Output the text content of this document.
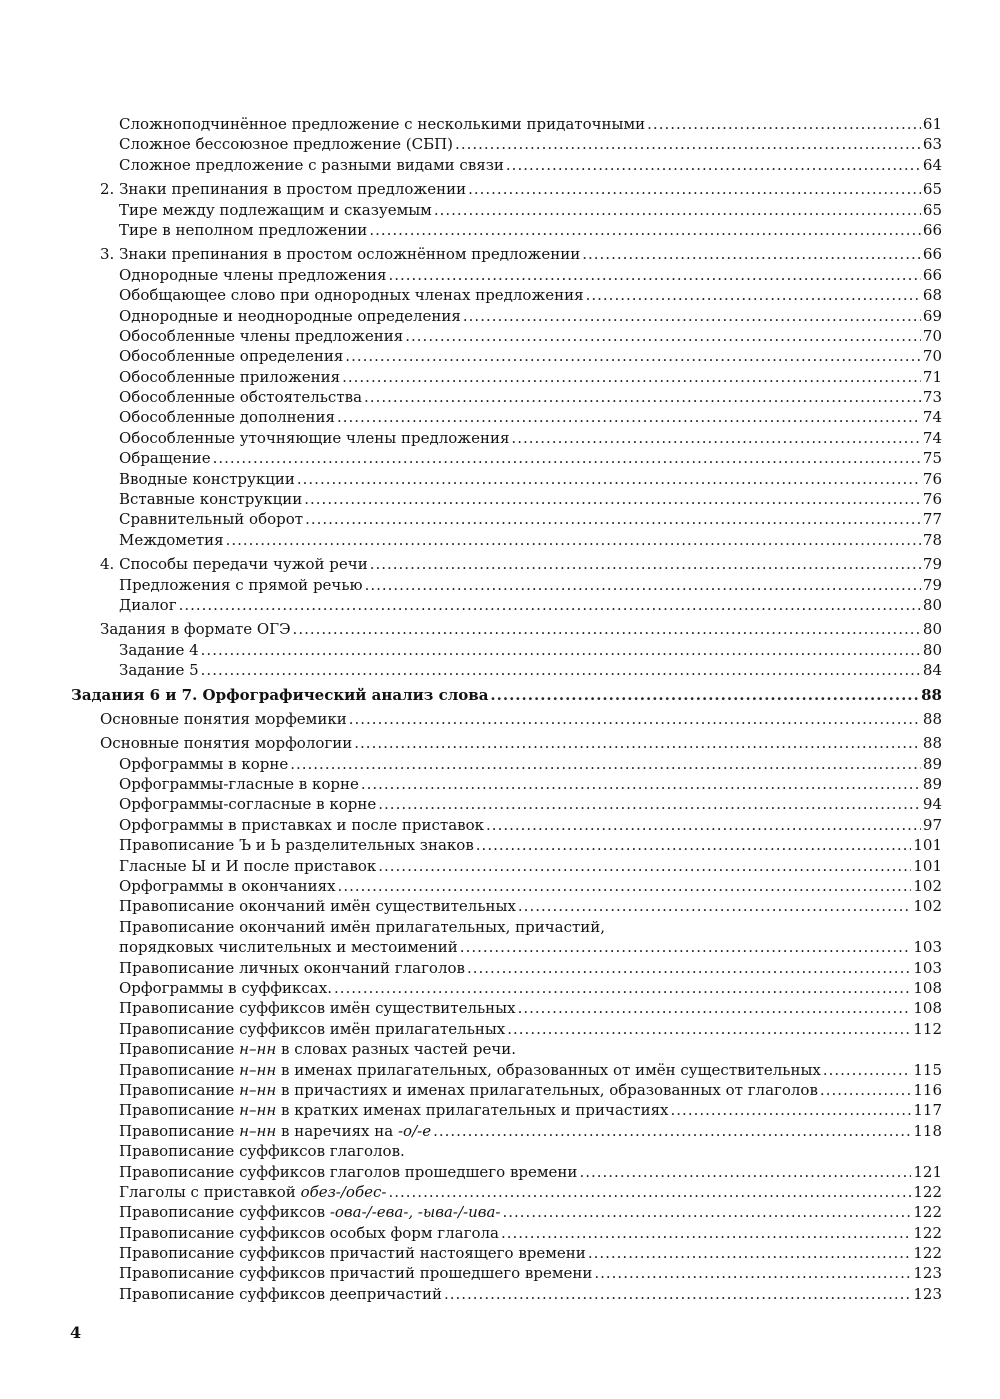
Сложноподчинённое предложение с несколькими придаточными .....	61
Сложное бессоюзное предложение (СБП) .....	63
Сложное предложение с разными видами связи .....	64
2. Знаки препинания в простом предложении .....	65
Тире между подлежащим и сказуемым .....	65
Тире в неполном предложении .....	66
3. Знаки препинания в простом осложнённом предложении .....	66
Однородные члены предложения .....	66
Обобщающее слово при однородных членах предложения .....	68
Однородные и неоднородные определения .....	69
Обособленные члены предложения .....	70
Обособленные определения .....	70
Обособленные приложения .....	71
Обособленные обстоятельства .....	73
Обособленные дополнения .....	74
Обособленные уточняющие члены предложения .....	74
Обращение .....	75
Вводные конструкции .....	76
Вставные конструкции .....	76
Сравнительный оборот .....	77
Междометия .....	78
4. Способы передачи чужой речи .....	79
Предложения с прямой речью .....	79
Диалог .....	80
Задания в формате ОГЭ .....	80
Задание 4 .....	80
Задание 5 .....	84
Задания 6 и 7. Орфографический анализ слова .....	88
Основные понятия морфемики .....	88
Основные понятия морфологии .....	88
Орфограммы в корне .....	89
Орфограммы-гласные в корне .....	89
Орфограммы-согласные в корне .....	94
Орфограммы в приставках и после приставок .....	97
Правописание Ъ и Ь разделительных знаков .....	101
Гласные Ы и И после приставок .....	101
Орфограммы в окончаниях .....	102
Правописание окончаний имён существительных .....	102
Правописание окончаний имён прилагательных, причастий,
порядковых числительных и местоимений .....	103
Правописание личных окончаний глаголов .....	103
Орфограммы в суффиксах. .....	108
Правописание суффиксов имён существительных .....	108
Правописание суффиксов имён прилагательных .....	112
Правописание н–нн в словах разных частей речи.
Правописание н–нн в именах прилагательных, образованных от имён существительных .....	115
Правописание н–нн в причастиях и именах прилагательных, образованных от глаголов .....	116
Правописание н–нн в кратких именах прилагательных и причастиях .....	117
Правописание н–нн в наречиях на -о/-е .....	118
Правописание суффиксов глаголов.
Правописание суффиксов глаголов прошедшего времени .....	121
Глаголы с приставкой обез-/обес- .....	122
Правописание суффиксов -ова-/-ева-, -ыва-/-ива- .....	122
Правописание суффиксов особых форм глагола .....	122
Правописание суффиксов причастий настоящего времени .....	122
Правописание суффиксов причастий прошедшего времени .....	123
Правописание суффиксов деепричастий .....	123
4
